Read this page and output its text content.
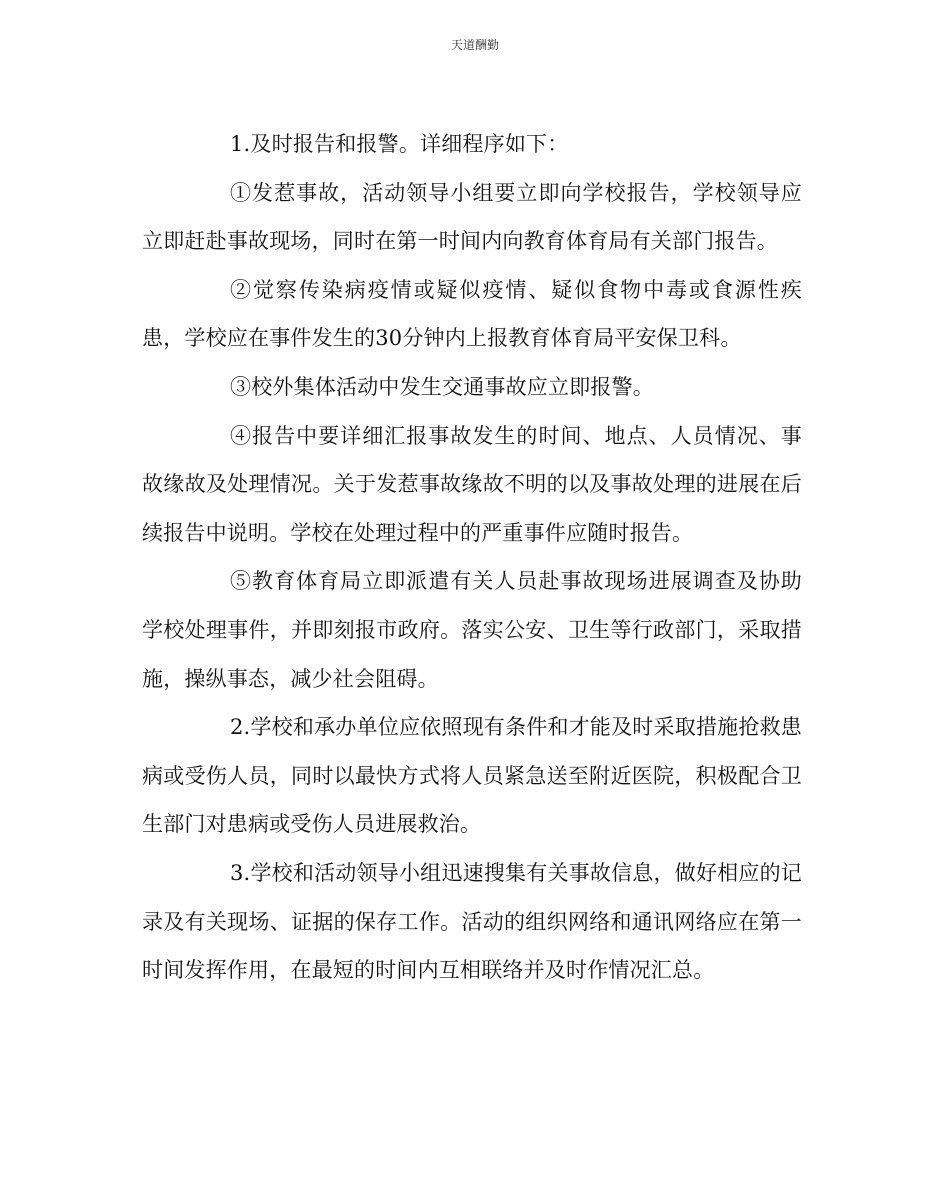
天道酬勤

1.及时报告和报警。详细程序如下：

①发惹事故，活动领导小组要立即向学校报告，学校领导应立即赶赴事故现场，同时在第一时间内向教育体育局有关部门报告。

②觉察传染病疫情或疑似疫情、疑似食物中毒或食源性疾患，学校应在事件发生的30分钟内上报教育体育局平安保卫科。

③校外集体活动中发生交通事故应立即报警。

④报告中要详细汇报事故发生的时间、地点、人员情况、事故缘故及处理情况。关于发惹事故缘故不明的以及事故处理的进展在后续报告中说明。学校在处理过程中的严重事件应随时报告。

⑤教育体育局立即派遣有关人员赴事故现场进展调查及协助学校处理事件，并即刻报市政府。落实公安、卫生等行政部门，采取措施，操纵事态，减少社会阻碍。

2.学校和承办单位应依照现有条件和才能及时采取措施抢救患病或受伤人员，同时以最快方式将人员紧急送至附近医院，积极配合卫生部门对患病或受伤人员进展救治。

3.学校和活动领导小组迅速搜集有关事故信息，做好相应的记录及有关现场、证据的保存工作。活动的组织网络和通讯网络应在第一时间发挥作用，在最短的时间内互相联络并及时作情况汇总。
